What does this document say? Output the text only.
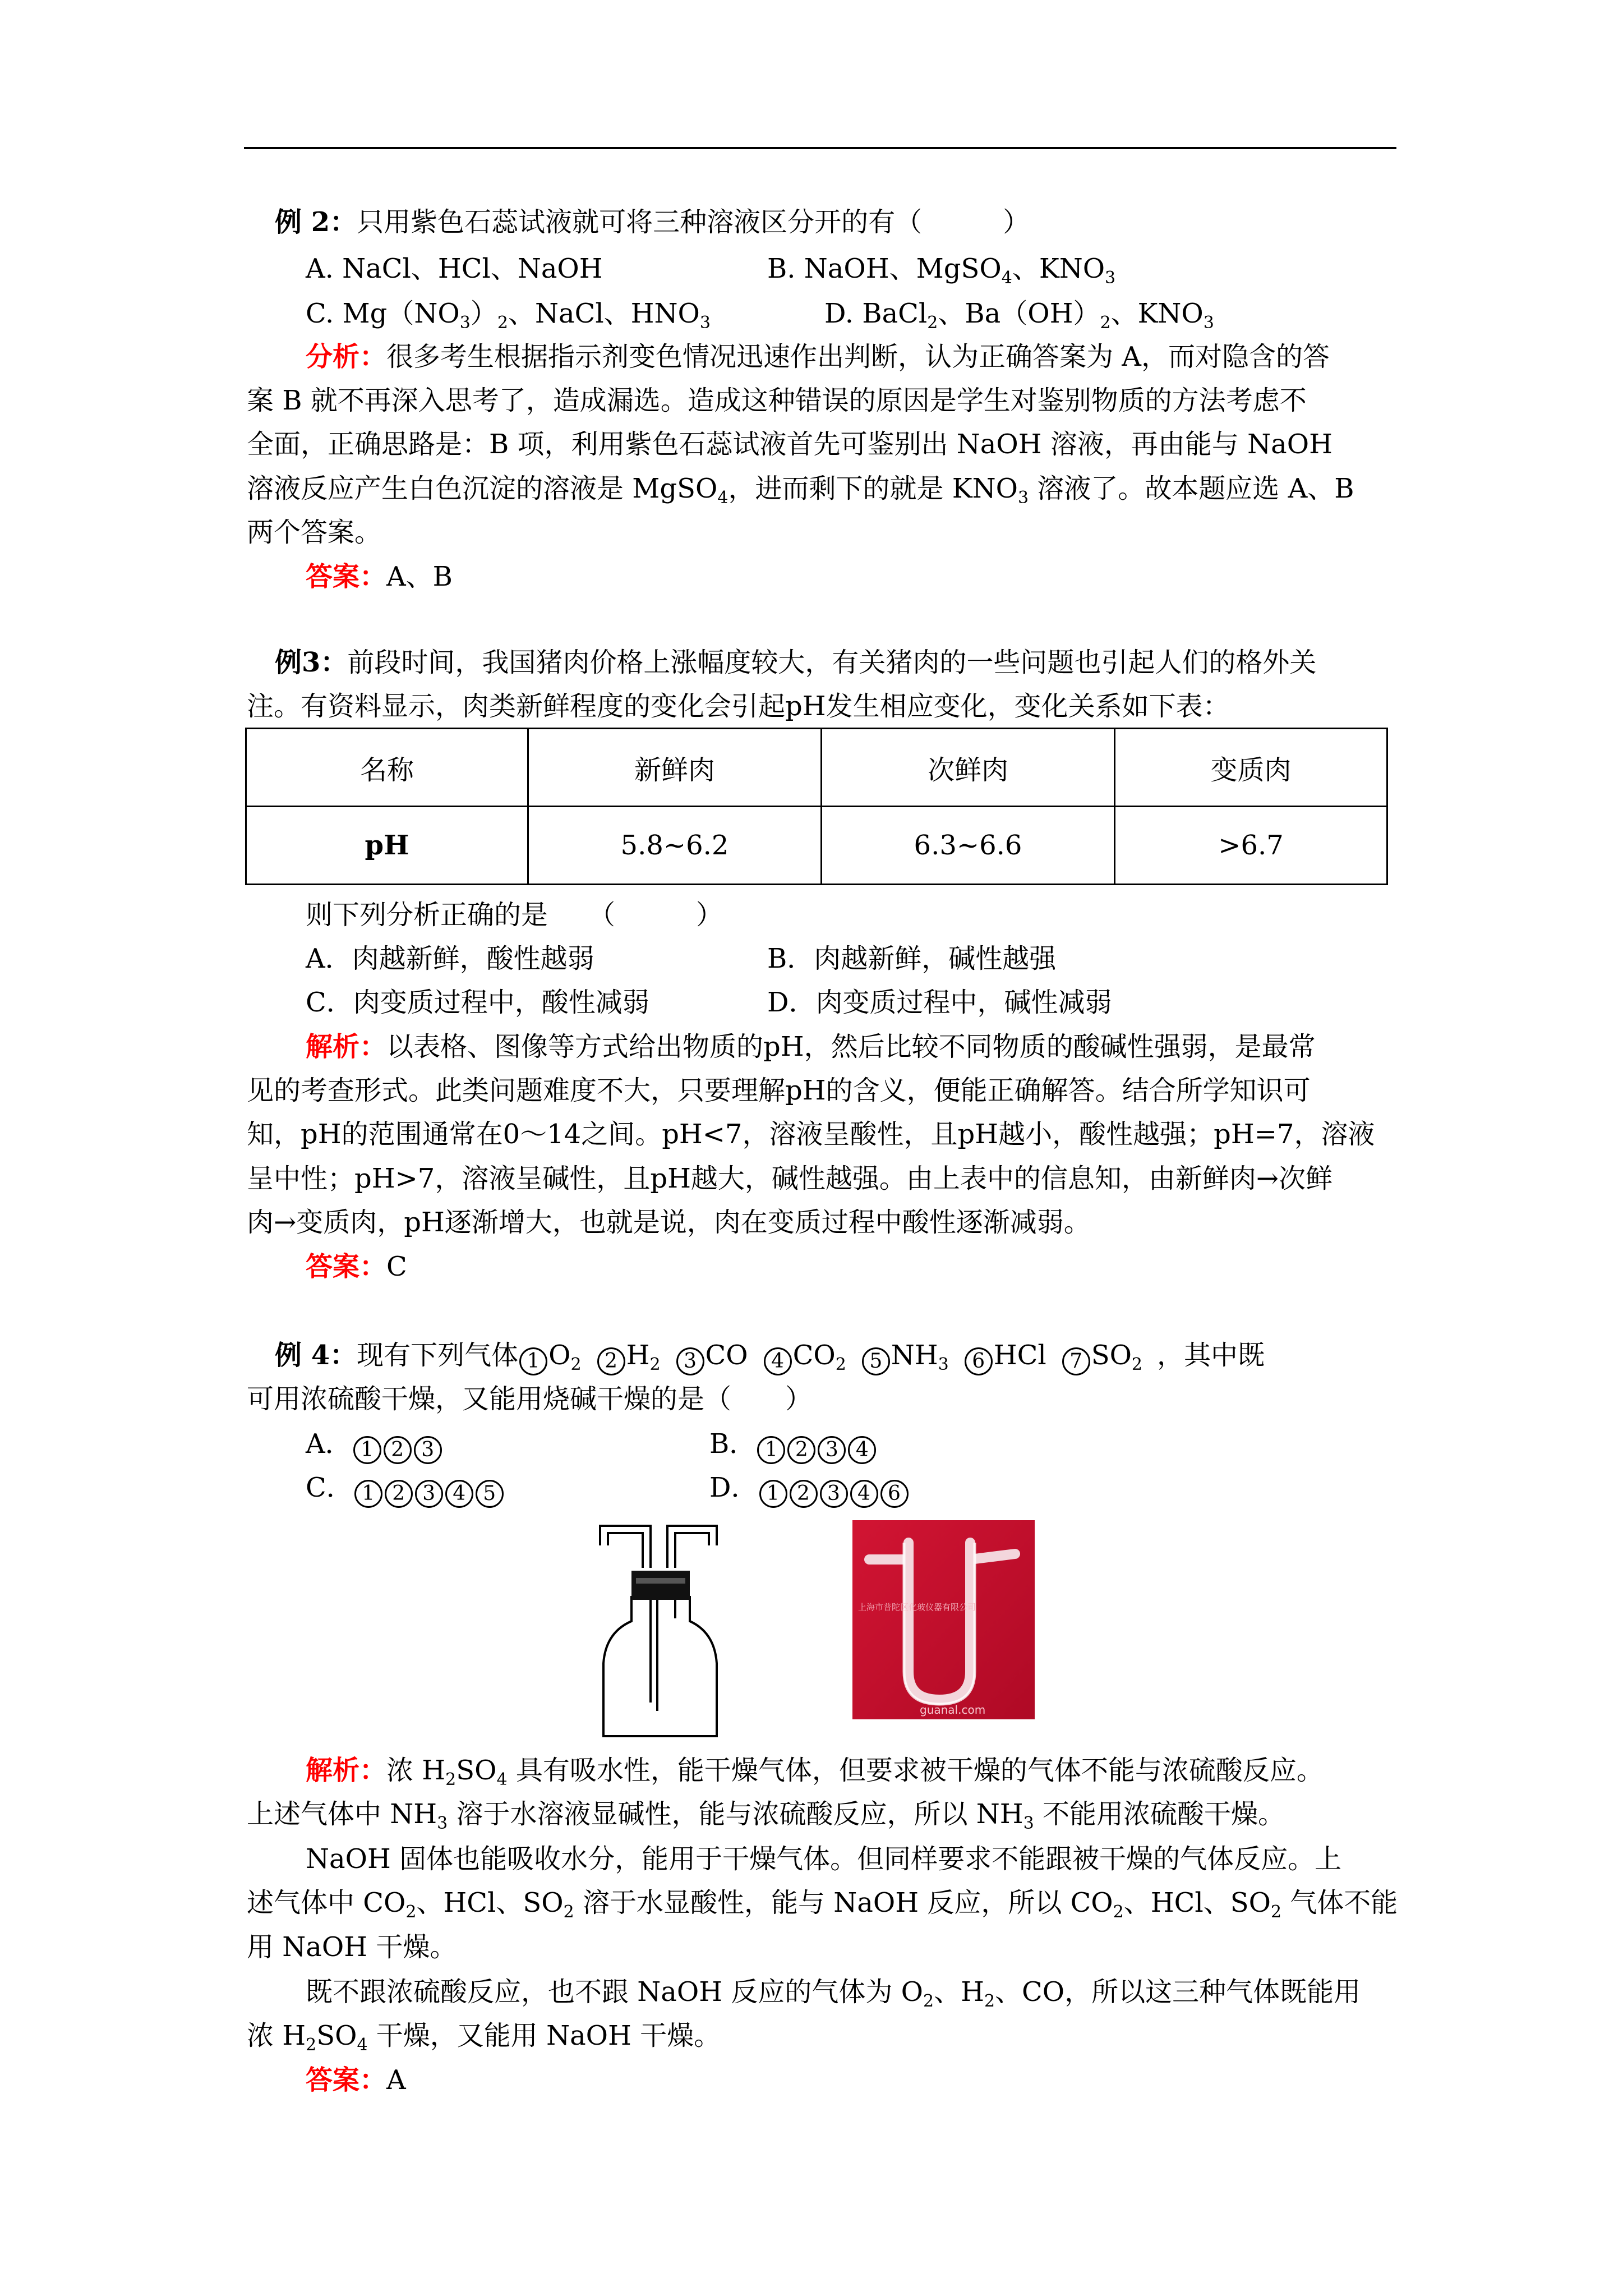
例 2：只用紫色石蕊试液就可将三种溶液区分开的有（　　　）
A. NaCl、HCl、NaOH	B. NaOH、MgSO$_4$、$KNO_3$
C. $Mg(NO_3)_2$、NaCl、$HNO_3$	D. BaCl$_2$、$Ba(OH)_2$、$KNO_3$
分析：很多考生根据指示剂变色情况迅速作出判断，认为正确答案为 A，而对隐含的答
案 B 就不再深入思考了，造成漏选。造成这种错误的原因是学生对鉴别物质的方法考虑不
全面，正确思路是：B 项，利用紫色石蕊试液首先可鉴别出 NaOH 溶液，再由能与 NaOH
溶液反应产生白色沉淀的溶液是 MgSO$_4$，进而剩下的就是 $KNO_3$ 溶液了。故本题应选 A、B
两个答案。
答案：A、B
例3：前段时间，我国猪肉价格上涨幅度较大，有关猪肉的一些问题也引起人们的格外关
注。有资料显示，肉类新鲜程度的变化会引起pH发生相应变化，变化关系如下表：
名称	新鲜肉	次鲜肉	变质肉
pH	5.8~6.2	6.3~6.6	>6.7
则下列分析正确的是　　（　　　）
A．肉越新鲜，酸性越弱	B．肉越新鲜，碱性越强
C．肉变质过程中，酸性减弱	D．肉变质过程中，碱性减弱
解析：以表格、图像等方式给出物质的pH，然后比较不同物质的酸碱性强弱，是最常
见的考查形式。此类问题难度不大，只要理解pH的含义，便能正确解答。结合所学知识可
知，pH的范围通常在0～14之间。pH<7，溶液呈酸性，且pH越小，酸性越强；pH=7，溶液
呈中性；pH>7，溶液呈碱性，且pH越大，碱性越强。由上表中的信息知，由新鲜肉→次鲜
肉→变质肉，pH逐渐增大，也就是说，肉在变质过程中酸性逐渐减弱。
答案：C
例 4：现有下列气体 1 $O_2$ 2 $H_2$ 3 CO 4 $CO_2$ 5 $NH_3$ 6 HCl 7 $SO_2$ ，其中既
可用浓硫酸干燥，又能用烧碱干燥的是（　　）
A． 1 2 3	B． 1 2 3 4
C． 1 2 3 4 5	D． 1 2 3 4 6
上海市普陀区化玻仪器有限公司
guanal.com
解析：浓 $H_2SO_4$ 具有吸水性，能干燥气体，但要求被干燥的气体不能与浓硫酸反应。
上述气体中 $NH_3$ 溶于水溶液显碱性，能与浓硫酸反应，所以 $NH_3$ 不能用浓硫酸干燥。
NaOH 固体也能吸收水分，能用于干燥气体。但同样要求不能跟被干燥的气体反应。上
述气体中 $CO_2$、HCl、$SO_2$ 溶于水显酸性，能与 NaOH 反应，所以 $CO_2$、HCl、$SO_2$ 气体不能
用 NaOH 干燥。
既不跟浓硫酸反应，也不跟 NaOH 反应的气体为 $O_2$、$H_2$、CO，所以这三种气体既能用
浓 $H_2SO_4$ 干燥，又能用 NaOH 干燥。
答案：A
